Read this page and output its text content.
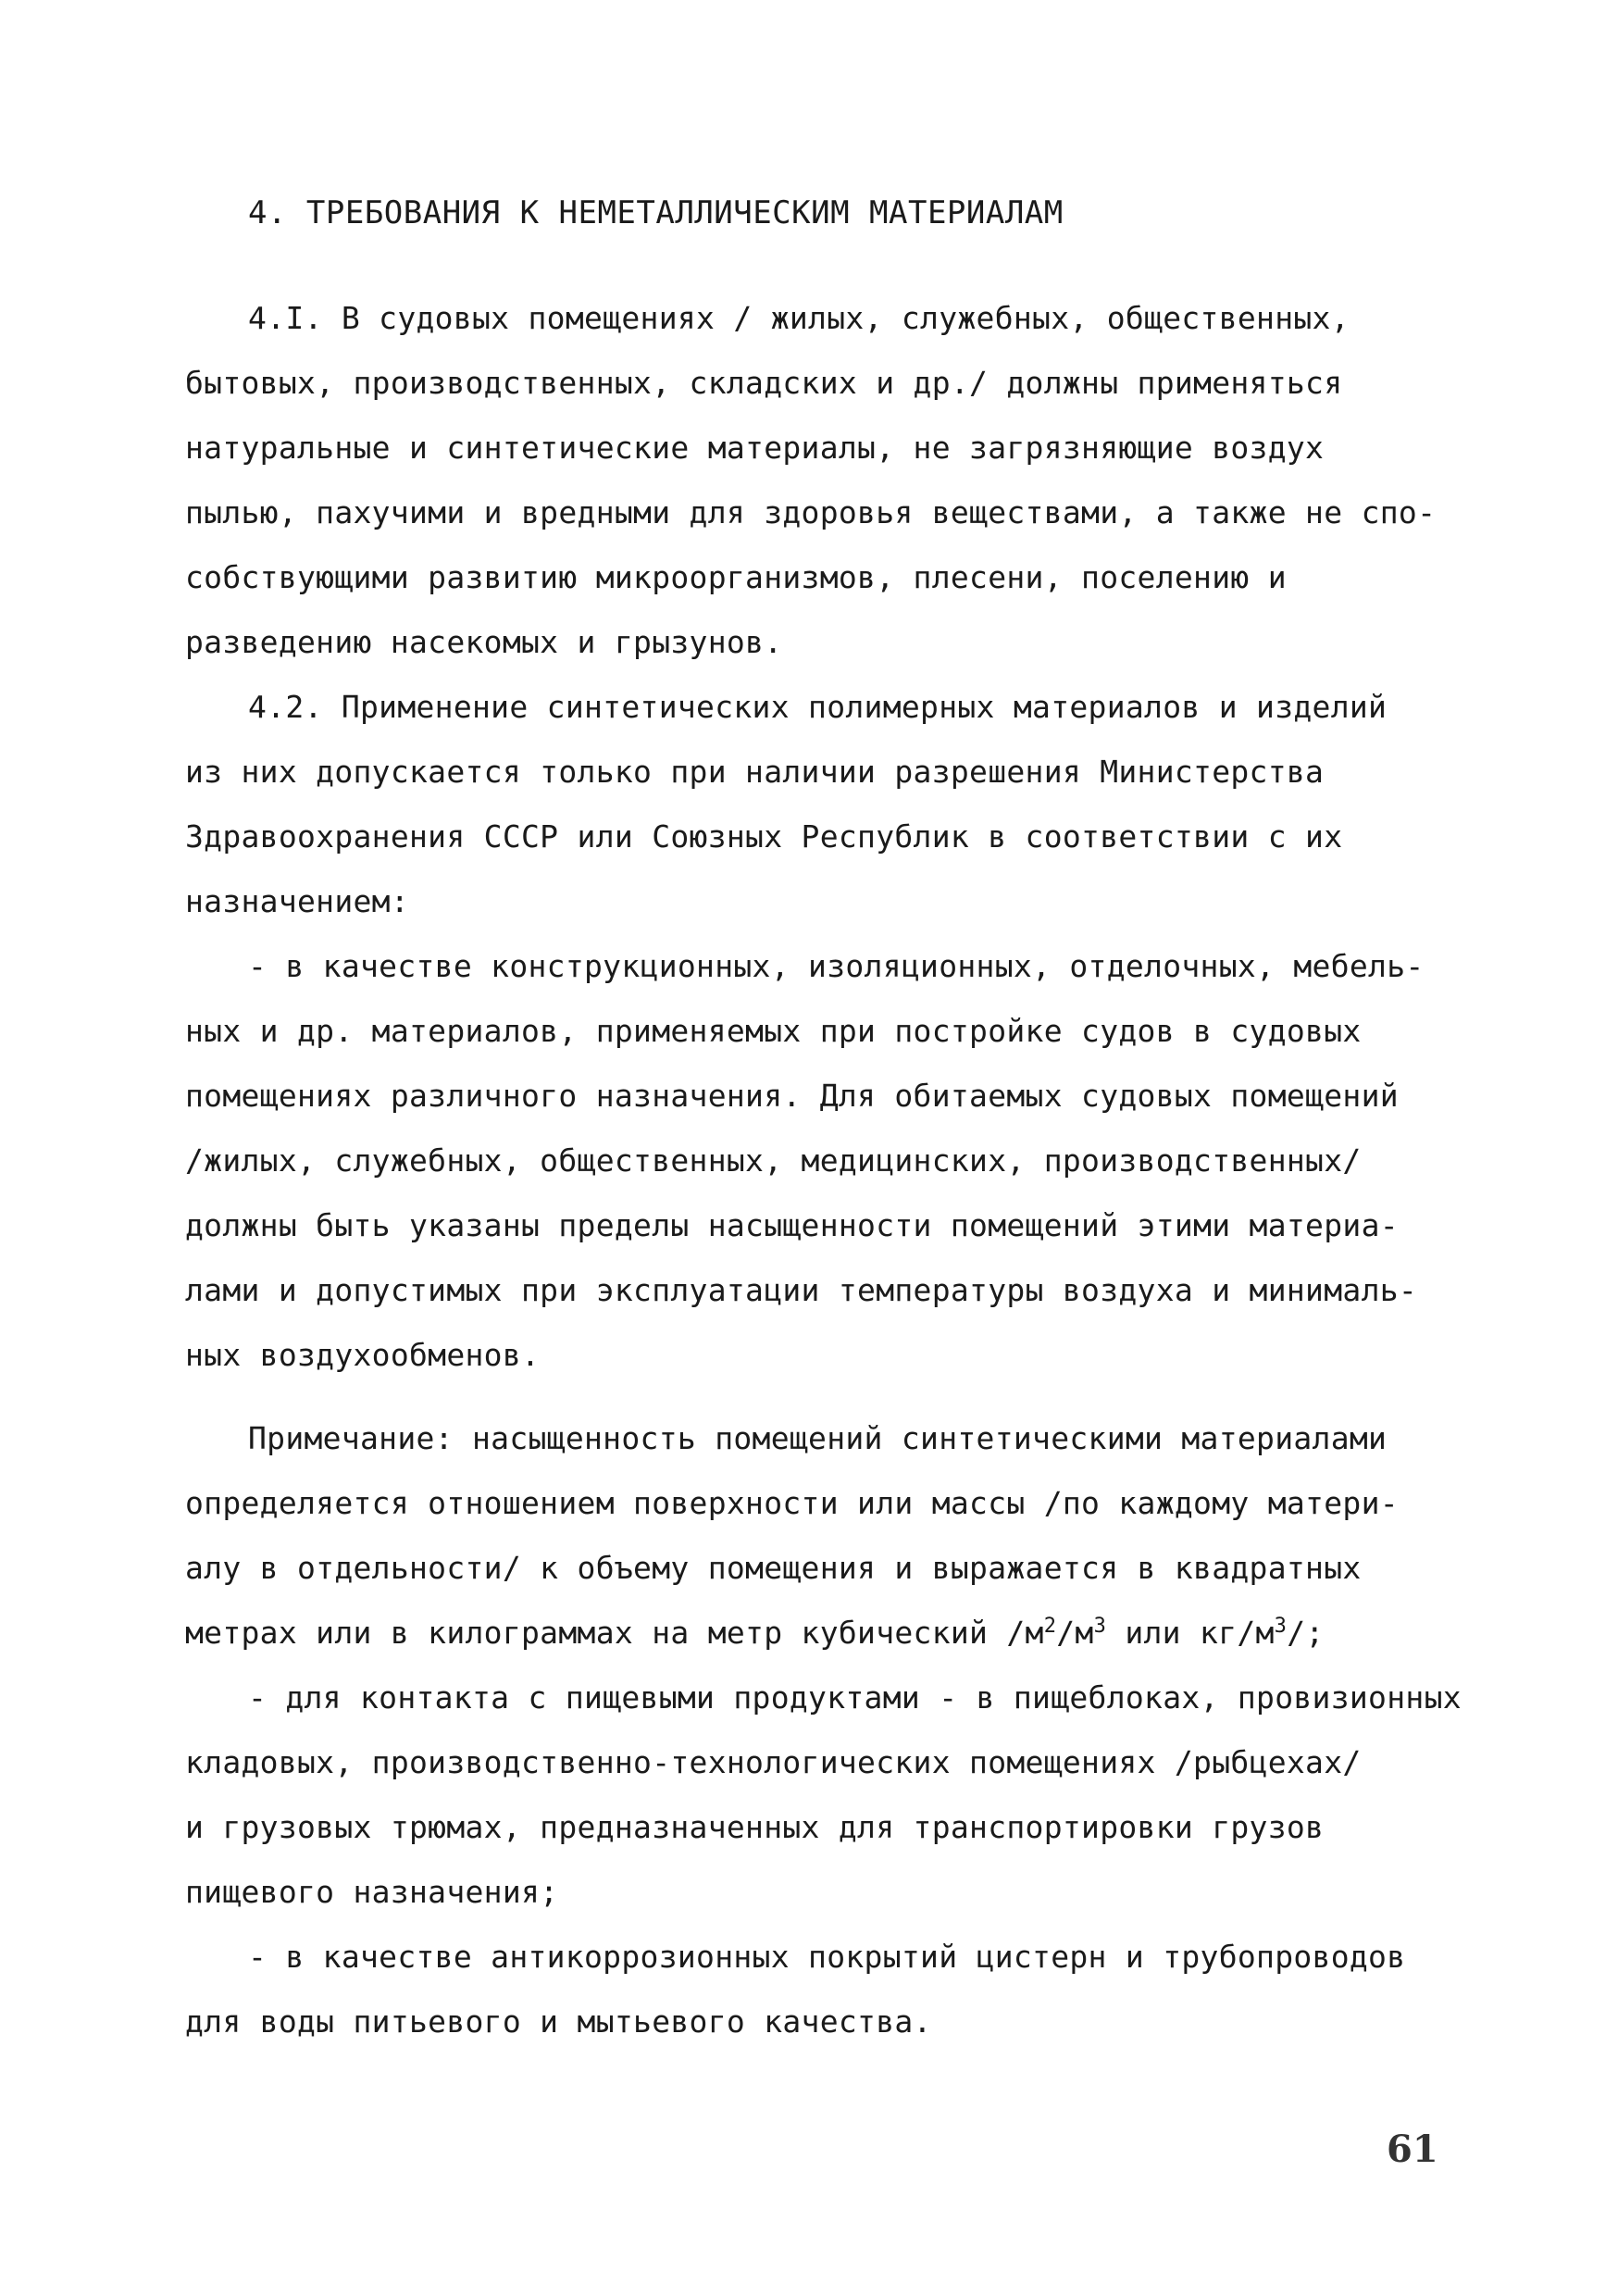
4. ТРЕБОВАНИЯ К НЕМЕТАЛЛИЧЕСКИМ МАТЕРИАЛАМ
4.I. В судовых помещениях / жилых, служебных, общественных,
бытовых, производственных, складских и др./ должны применяться
натуральные и синтетические материалы, не загрязняющие воздух
пылью, пахучими и вредными для здоровья веществами, а также не спо-
собствующими развитию микроорганизмов, плесени, поселению и
разведению насекомых и грызунов.
4.2. Применение синтетических полимерных материалов и изделий
из них допускается только при наличии разрешения Министерства
Здравоохранения СССР или Союзных Республик в соответствии с их
назначением:
- в качестве конструкционных, изоляционных, отделочных, мебель-
ных и др. материалов, применяемых при постройке судов в судовых
помещениях различного назначения. Для обитаемых судовых помещений
/жилых, служебных, общественных, медицинских, производственных/
должны быть указаны пределы насыщенности помещений этими материа-
лами и допустимых при эксплуатации температуры воздуха и минималь-
ных воздухообменов.
Примечание: насыщенность помещений синтетическими материалами
определяется отношением поверхности или массы /по каждому матери-
алу в отдельности/ к объему помещения и выражается в квадратных
метрах или в килограммах на метр кубический $/м^2/м^3$ или $кг/м^3/$;
- для контакта с пищевыми продуктами - в пищеблоках, провизионных
кладовых, производственно-технологических помещениях /рыбцехах/
и грузовых трюмах, предназначенных для транспортировки грузов
пищевого назначения;
- в качестве антикоррозионных покрытий цистерн и трубопроводов
для воды питьевого и мытьевого качества.
61
